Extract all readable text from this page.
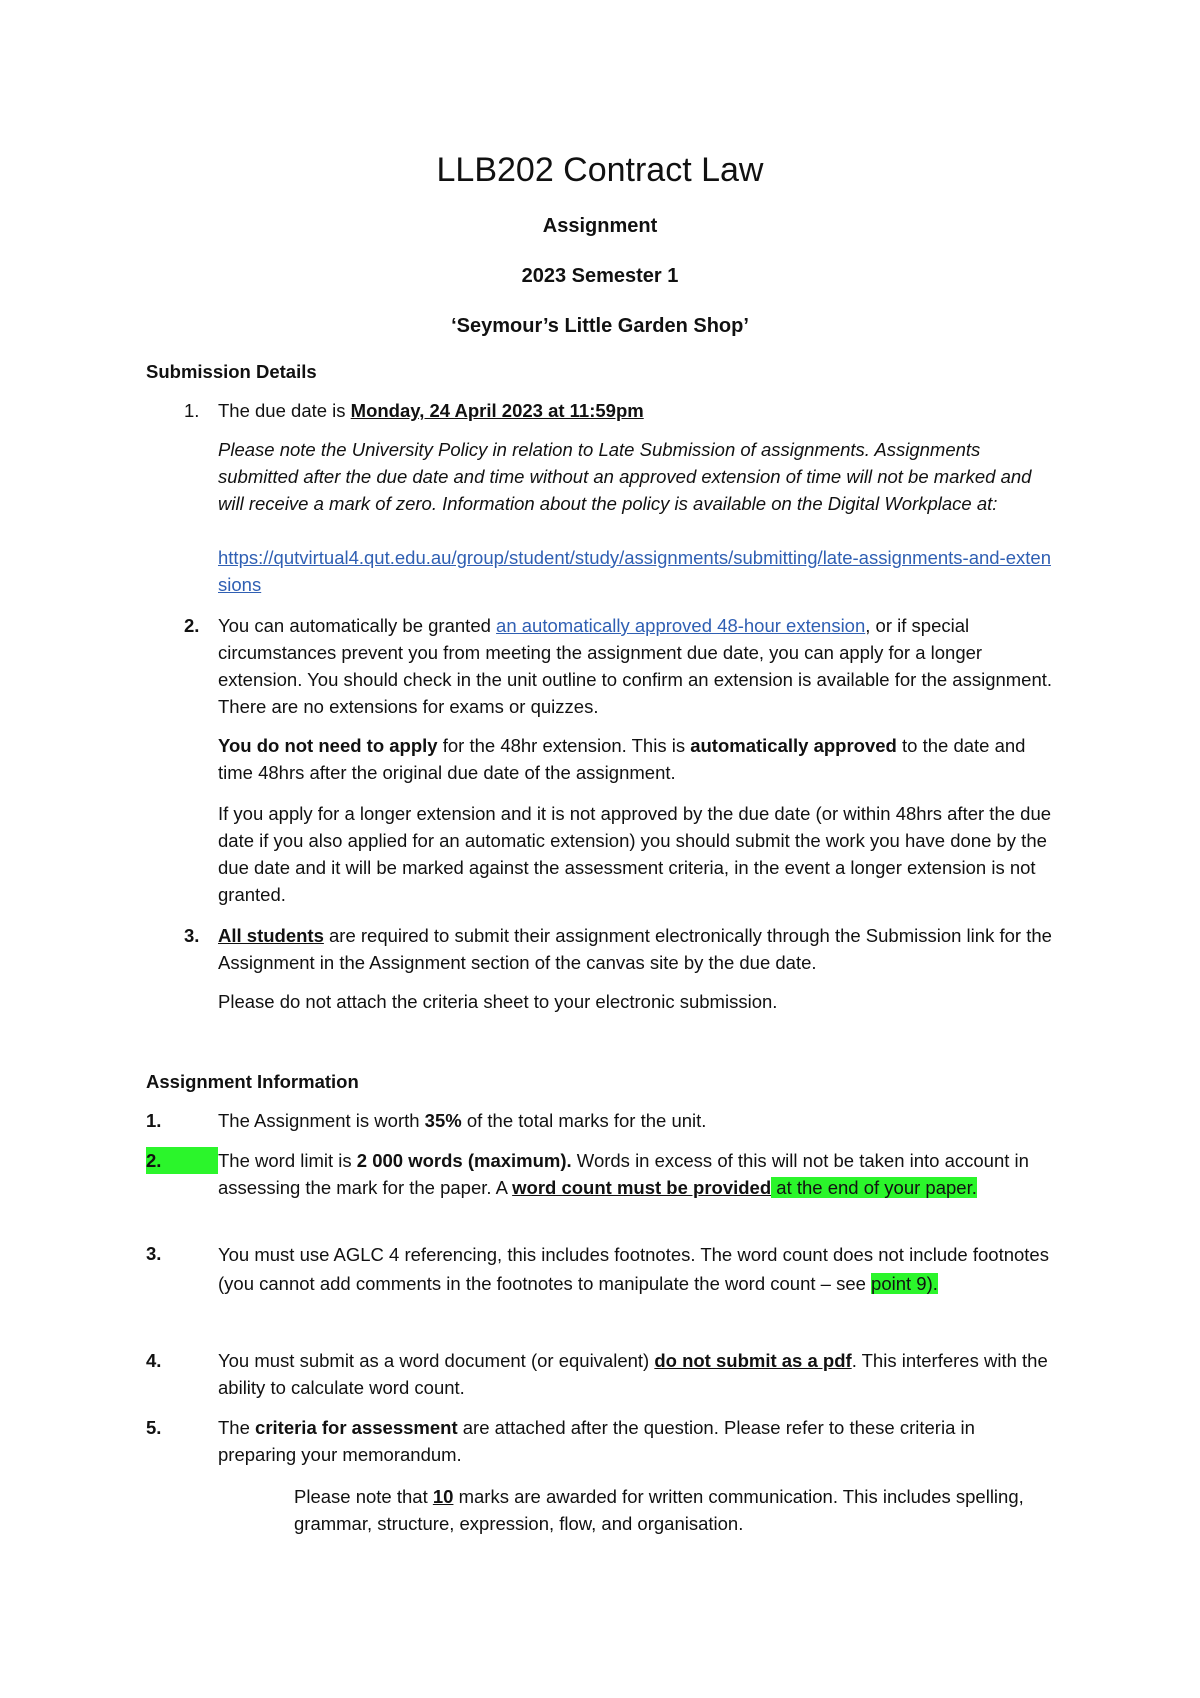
LLB202 Contract Law
Assignment
2023 Semester 1
‘Seymour’s Little Garden Shop’
Submission Details
1.	The due date is Monday, 24 April 2023 at 11:59pm
Please note the University Policy in relation to Late Submission of assignments. Assignments submitted after the due date and time without an approved extension of time will not be marked and will receive a mark of zero. Information about the policy is available on the Digital Workplace at:
https://qutvirtual4.qut.edu.au/group/student/study/assignments/submitting/late-assignments-and-extensions
2.	You can automatically be granted an automatically approved 48-hour extension, or if special circumstances prevent you from meeting the assignment due date, you can apply for a longer extension. You should check in the unit outline to confirm an extension is available for the assignment. There are no extensions for exams or quizzes.
You do not need to apply for the 48hr extension. This is automatically approved to the date and time 48hrs after the original due date of the assignment.
If you apply for a longer extension and it is not approved by the due date (or within 48hrs after the due date if you also applied for an automatic extension) you should submit the work you have done by the due date and it will be marked against the assessment criteria, in the event a longer extension is not granted.
3.	All students are required to submit their assignment electronically through the Submission link for the Assignment in the Assignment section of the canvas site by the due date.
Please do not attach the criteria sheet to your electronic submission.
Assignment Information
1.	The Assignment is worth 35% of the total marks for the unit.
2.	The word limit is 2 000 words (maximum). Words in excess of this will not be taken into account in assessing the mark for the paper. A word count must be provided at the end of your paper.
3.	You must use AGLC 4 referencing, this includes footnotes. The word count does not include footnotes (you cannot add comments in the footnotes to manipulate the word count – see point 9).
4.	You must submit as a word document (or equivalent) do not submit as a pdf. This interferes with the ability to calculate word count.
5.	The criteria for assessment are attached after the question. Please refer to these criteria in preparing your memorandum.
Please note that 10 marks are awarded for written communication. This includes spelling, grammar, structure, expression, flow, and organisation.
